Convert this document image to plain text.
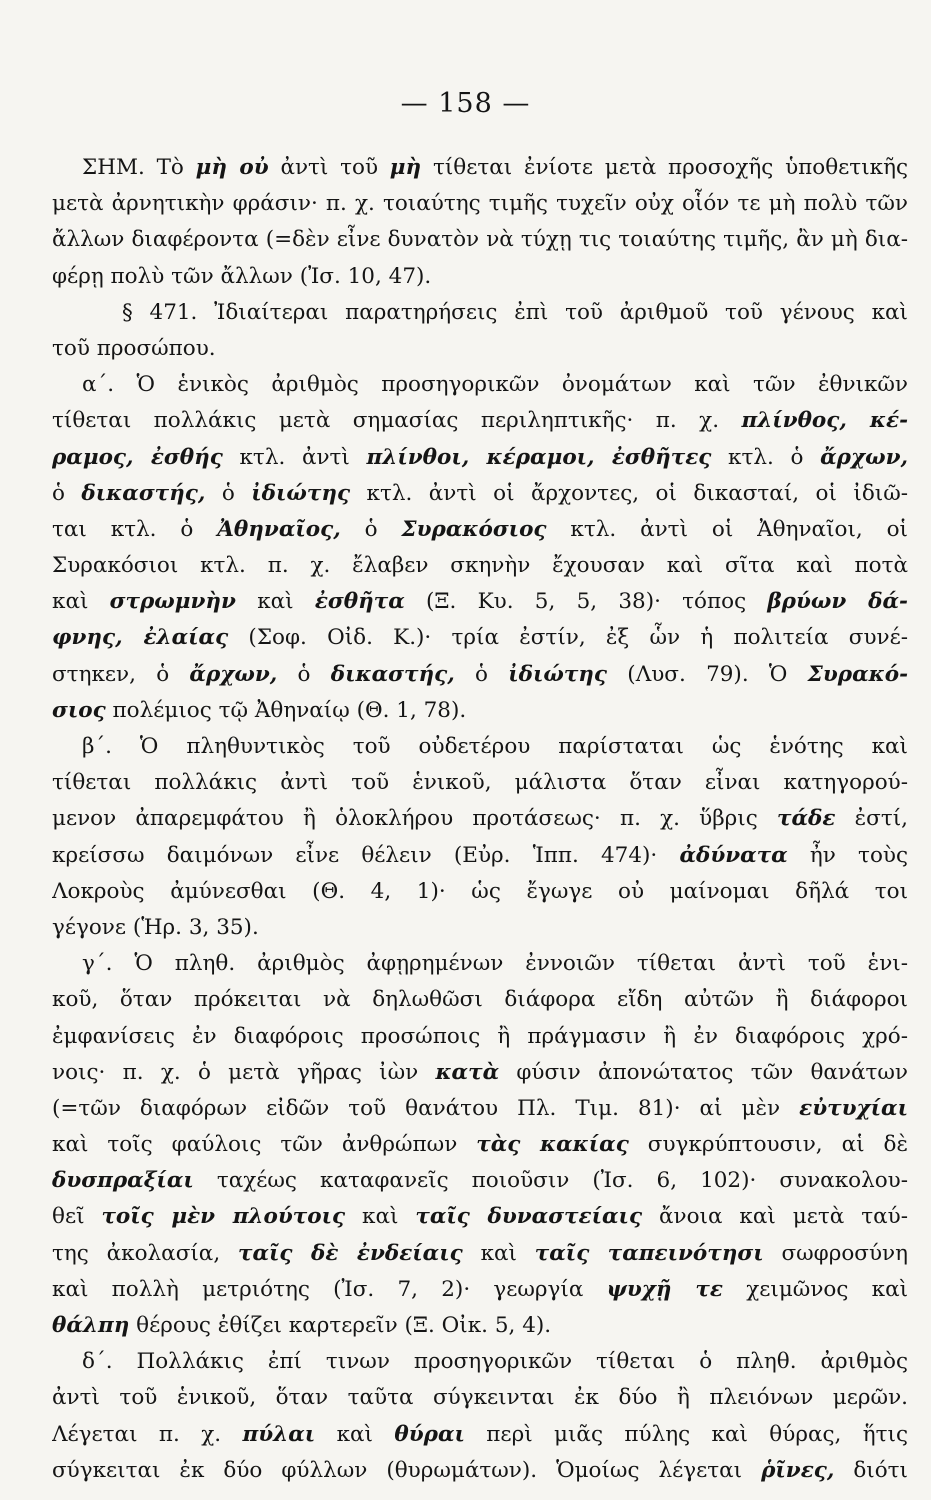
— 158 —
ΣΗΜ. Τὸ μὴ οὐ ἀντὶ τοῦ μὴ τίθεται ἐνίοτε μετὰ προσοχῆς ὑποθετικῆς
μετὰ ἀρνητικὴν φράσιν· π. χ. τοιαύτης τιμῆς τυχεῖν οὐχ οἷόν τε μὴ πολὺ τῶν
ἄλλων διαφέροντα (=δὲν εἶνε δυνατὸν νὰ τύχῃ τις τοιαύτης τιμῆς, ἂν μὴ δια-
φέρῃ πολὺ τῶν ἄλλων (Ἰσ. 10, 47).
§ 471. Ἰδιαίτεραι παρατηρήσεις ἐπὶ τοῦ ἀριθμοῦ τοῦ γένους καὶ
τοῦ προσώπου.
α΄. Ὁ ἑνικὸς ἀριθμὸς προσηγορικῶν ὀνομάτων καὶ τῶν ἐθνικῶν
τίθεται πολλάκις μετὰ σημασίας περιληπτικῆς· π. χ. πλίνθος, κέ-
ραμος, ἐσθής κτλ. ἀντὶ πλίνθοι, κέραμοι, ἐσθῆτες κτλ. ὁ ἄρχων,
ὁ δικαστής, ὁ ἰδιώτης κτλ. ἀντὶ οἱ ἄρχοντες, οἱ δικασταί, οἱ ἰδιῶ-
ται κτλ. ὁ Ἀθηναῖος, ὁ Συρακόσιος κτλ. ἀντὶ οἱ Ἀθηναῖοι, οἱ
Συρακόσιοι κτλ. π. χ. ἔλαβεν σκηνὴν ἔχουσαν καὶ σῖτα καὶ ποτὰ
καὶ στρωμνὴν καὶ ἐσθῆτα (Ξ. Κυ. 5, 5, 38)· τόπος βρύων δά-
φνης, ἐλαίας (Σοφ. Οἰδ. Κ.)· τρία ἐστίν, ἐξ ὧν ἡ πολιτεία συνέ-
στηκεν, ὁ ἄρχων, ὁ δικαστής, ὁ ἰδιώτης (Λυσ. 79). Ὁ Συρακό-
σιος πολέμιος τῷ Ἀθηναίῳ (Θ. 1, 78).
β΄. Ὁ πληθυντικὸς τοῦ οὐδετέρου παρίσταται ὡς ἑνότης καὶ
τίθεται πολλάκις ἀντὶ τοῦ ἑνικοῦ, μάλιστα ὅταν εἶναι κατηγορού-
μενον ἀπαρεμφάτου ἢ ὁλοκλήρου προτάσεως· π. χ. ὕβρις τάδε ἐστί,
κρείσσω δαιμόνων εἶνε θέλειν (Εὐρ. Ἱππ. 474)· ἀδύνατα ἦν τοὺς
Λοκροὺς ἀμύνεσθαι (Θ. 4, 1)· ὡς ἔγωγε οὐ μαίνομαι δῆλά τοι
γέγονε (Ἡρ. 3, 35).
γ΄. Ὁ πληθ. ἀριθμὸς ἀφῃρημένων ἐννοιῶν τίθεται ἀντὶ τοῦ ἑνι-
κοῦ, ὅταν πρόκειται νὰ δηλωθῶσι διάφορα εἴδη αὐτῶν ἢ διάφοροι
ἐμφανίσεις ἐν διαφόροις προσώποις ἢ πράγμασιν ἢ ἐν διαφόροις χρό-
νοις· π. χ. ὁ μετὰ γῆρας ἰὼν κατὰ φύσιν ἀπονώτατος τῶν θανάτων
(=τῶν διαφόρων εἰδῶν τοῦ θανάτου Πλ. Τιμ. 81)· αἱ μὲν εὐτυχίαι
καὶ τοῖς φαύλοις τῶν ἀνθρώπων τὰς κακίας συγκρύπτουσιν, αἱ δὲ
δυσπραξίαι ταχέως καταφανεῖς ποιοῦσιν (Ἰσ. 6, 102)· συνακολου-
θεῖ τοῖς μὲν πλούτοις καὶ ταῖς δυναστείαις ἄνοια καὶ μετὰ ταύ-
της ἀκολασία, ταῖς δὲ ἐνδείαις καὶ ταῖς ταπεινότησι σωφροσύνη
καὶ πολλὴ μετριότης (Ἰσ. 7, 2)· γεωργία ψυχῇ τε χειμῶνος καὶ
θάλπη θέρους ἐθίζει καρτερεῖν (Ξ. Οἰκ. 5, 4).
δ΄. Πολλάκις ἐπί τινων προσηγορικῶν τίθεται ὁ πληθ. ἀριθμὸς
ἀντὶ τοῦ ἑνικοῦ, ὅταν ταῦτα σύγκεινται ἐκ δύο ἢ πλειόνων μερῶν.
Λέγεται π. χ. πύλαι καὶ θύραι περὶ μιᾶς πύλης καὶ θύρας, ἥτις
σύγκειται ἐκ δύο φύλλων (θυρωμάτων). Ὁμοίως λέγεται ῥῖνες, διότι
